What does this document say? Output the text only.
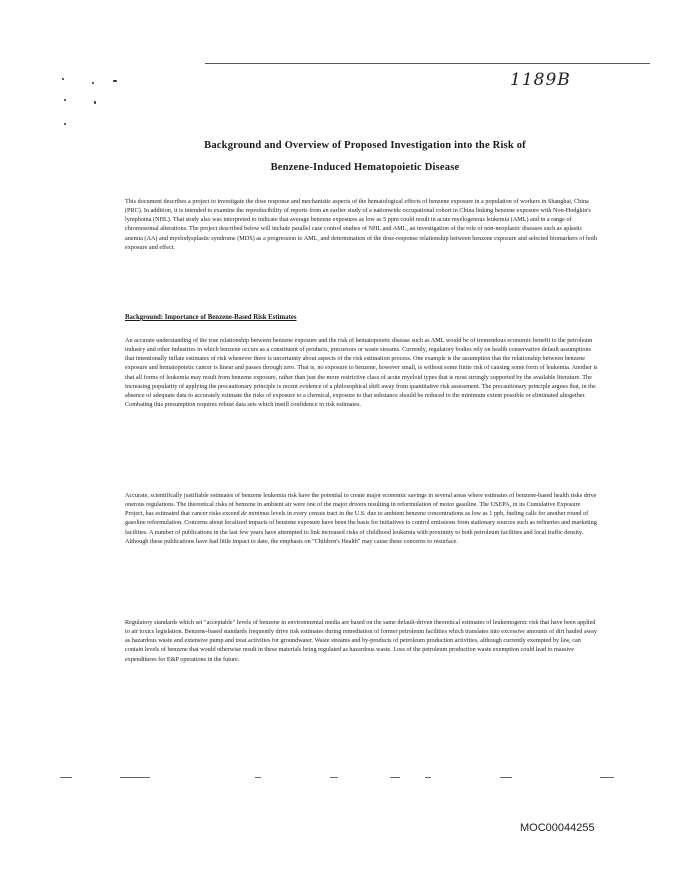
1189B
Background and Overview of Proposed Investigation into the Risk of
Benzene-Induced Hematopoietic Disease

This document describes a project to investigate the dose response and mechanistic aspects of the hematological effects of benzene exposure in a population of workers in Shanghai, China (PRC). In addition, it is intended to examine the reproducibility of reports from an earlier study of a nationwide occupational cohort in China linking benzene exposure with Non-Hodgkin's lymphoma (NHL). That study also was interpreted to indicate that average benzene exposures as low as 5 ppm could result in acute myelogenous leukemia (AML) and in a range of chromosomal alterations. The project described below will include parallel case control studies of NHL and AML, an investigation of the role of non-neoplastic diseases such as aplastic anemia (AA) and myelodysplastic syndrome (MDS) as a progression to AML, and determination of the dose-response relationship between benzene exposure and selected biomarkers of both exposure and effect.

Background: Importance of Benzene-Based Risk Estimates

An accurate understanding of the true relationship between benzene exposure and the risk of hematopoietic disease such as AML would be of tremendous economic benefit to the petroleum industry and other industries in which benzene occurs as a constituent of products, precursors or waste streams. Currently, regulatory bodies rely on health conservative default assumptions that intentionally inflate estimates of risk whenever there is uncertainty about aspects of the risk estimation process. One example is the assumption that the relationship between benzene exposure and hematopoietic cancer is linear and passes through zero. That is, no exposure to benzene, however small, is without some finite risk of causing some form of leukemia. Another is that all forms of leukemia may result from benzene exposure, rather than just the more restrictive class of acute myeloid types that is most strongly supported by the available literature. The increasing popularity of applying the precautionary principle is recent evidence of a philosophical shift away from quantitative risk assessment. The precautionary principle argues that, in the absence of adequate data to accurately estimate the risks of exposure to a chemical, exposure to that substance should be reduced to the minimum extent possible or eliminated altogether. Combating this presumption requires robust data sets which instill confidence in risk estimates.

Accurate, scientifically justifiable estimates of benzene leukemia risk have the potential to create major economic savings in several areas where estimates of benzene-based health risks drive onerous regulations. The theoretical risks of benzene in ambient air were one of the major drivers resulting in reformulation of motor gasoline. The USEPA, in its Cumulative Exposure Project, has estimated that cancer risks exceed de minimus levels in every census tract in the U.S. due to ambient benzene concentrations as low as 1 ppb, fueling calls for another round of gasoline reformulation. Concerns about localized impacts of benzene exposure have been the basis for initiatives to control emissions from stationary sources such as refineries and marketing facilities. A number of publications in the last few years have attempted to link increased risks of childhood leukemia with proximity to both petroleum facilities and local traffic density. Although these publications have had little impact to date, the emphasis on "Children's Health" may cause these concerns to resurface.

Regulatory standards which set "acceptable" levels of benzene in environmental media are based on the same default-driven theoretical estimates of leukemogenic risk that have been applied to air toxics legislation. Benzene-based standards frequently drive risk estimates during remediation of former petroleum facilities which translates into excessive amounts of dirt hauled away as hazardous waste and extensive pump and treat activities for groundwater. Waste streams and by-products of petroleum production activities, although currently exempted by law, can contain levels of benzene that would otherwise result in these materials being regulated as hazardous waste. Loss of the petroleum production waste exemption could lead to massive expenditures for E&P operations in the future.

MOC00044255
